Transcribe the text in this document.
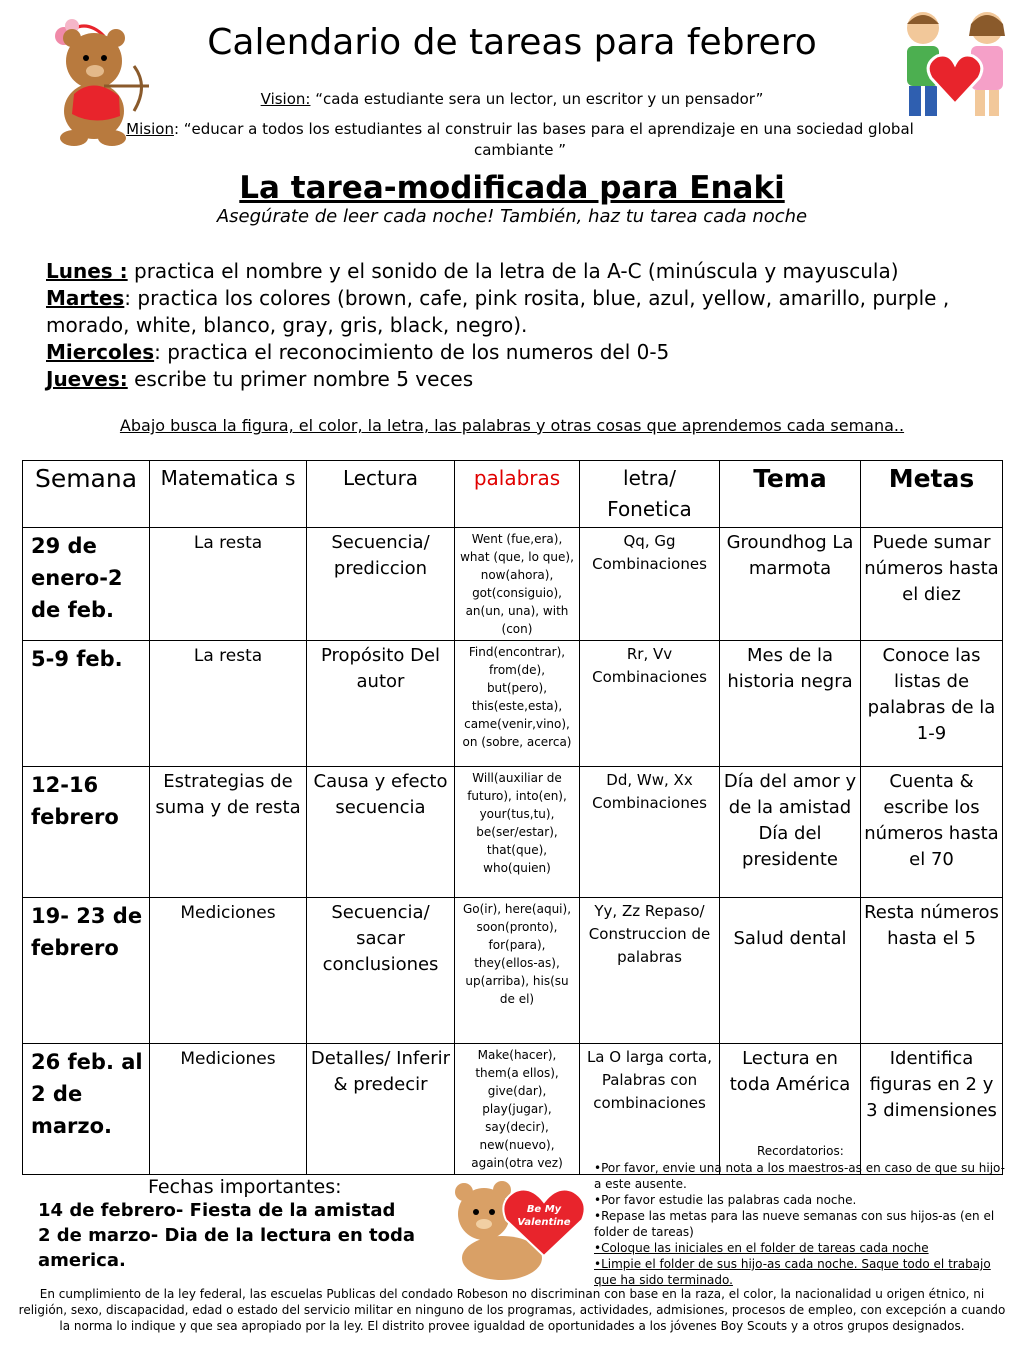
Calendario de tareas para febrero
Vision: “cada estudiante sera un lector, un escritor y un pensador”
Mision: “educar a todos los estudiantes al construir las bases para el aprendizaje en una sociedad global cambiante ”
La tarea-modificada para Enaki
Asegúrate de leer cada noche! También, haz tu tarea cada noche
Lunes : practica el nombre y el sonido de la letra de la A-C (minúscula y mayuscula)
Martes: practica los colores (brown, cafe, pink rosita, blue, azul, yellow, amarillo, purple , morado, white, blanco, gray, gris, black, negro).
Miercoles: practica el reconocimiento de los numeros del 0-5
Jueves: escribe tu primer nombre 5 veces
Abajo busca la figura, el color, la letra, las palabras y otras cosas que aprendemos cada semana..
Semana	Matematica s	Lectura	palabras	letra/ Fonetica	Tema	Metas
29 de enero-2 de feb.	La resta	Secuencia/ prediccion	Went (fue,era), what (que, lo que), now(ahora), got(consiguio), an(un, una), with (con)	Qq, Gg Combinaciones	Groundhog La marmota	Puede sumar números hasta el diez
5-9 feb.	La resta	Propósito Del autor	Find(encontrar), from(de), but(pero), this(este,esta), came(venir,vino), on (sobre, acerca)	Rr, Vv Combinaciones	Mes de la historia negra	Conoce las listas de palabras de la 1-9
12-16 febrero	Estrategias de suma y de resta	Causa y efecto secuencia	Will(auxiliar de futuro), into(en), your(tus,tu), be(ser/estar), that(que), who(quien)	Dd, Ww, Xx Combinaciones	Día del amor y de la amistad Día del presidente	Cuenta & escribe los números hasta el 70
19- 23 de febrero	Mediciones	Secuencia/ sacar conclusiones	Go(ir), here(aqui), soon(pronto), for(para), they(ellos-as), up(arriba), his(su de el)	Yy, Zz Repaso/ Construccion de palabras	Salud dental	Resta números hasta el 5
26 feb. al 2 de marzo.	Mediciones	Detalles/ Inferir & predecir	Make(hacer), them(a ellos), give(dar), play(jugar), say(decir), new(nuevo), again(otra vez)	La O larga corta, Palabras con combinaciones	Lectura en toda América	Identifica figuras en 2 y 3 dimensiones
Fechas importantes:
14 de febrero- Fiesta de la amistad
2 de marzo- Dia de la lectura en toda america.
Be My
Valentine
Recordatorios:
•Por favor, envie una nota a los maestros-as en caso de que su hijo-a este ausente.
•Por favor estudie las palabras cada noche.
•Repase las metas para las nueve semanas con sus hijos-as (en el folder de tareas)
•Coloque las iniciales en el folder de tareas cada noche
•Limpie el folder de sus hijo-as cada noche. Saque todo el trabajo que ha sido terminado.
En cumplimiento de la ley federal, las escuelas Publicas del condado Robeson no discriminan con base en la raza, el color, la nacionalidad u origen étnico, ni religión, sexo, discapacidad, edad o estado del servicio militar en ninguno de los programas, actividades, admisiones, procesos de empleo, con excepción a cuando la norma lo indique y que sea apropiado por la ley. El distrito provee igualdad de oportunidades a los jóvenes Boy Scouts y a otros grupos designados.
